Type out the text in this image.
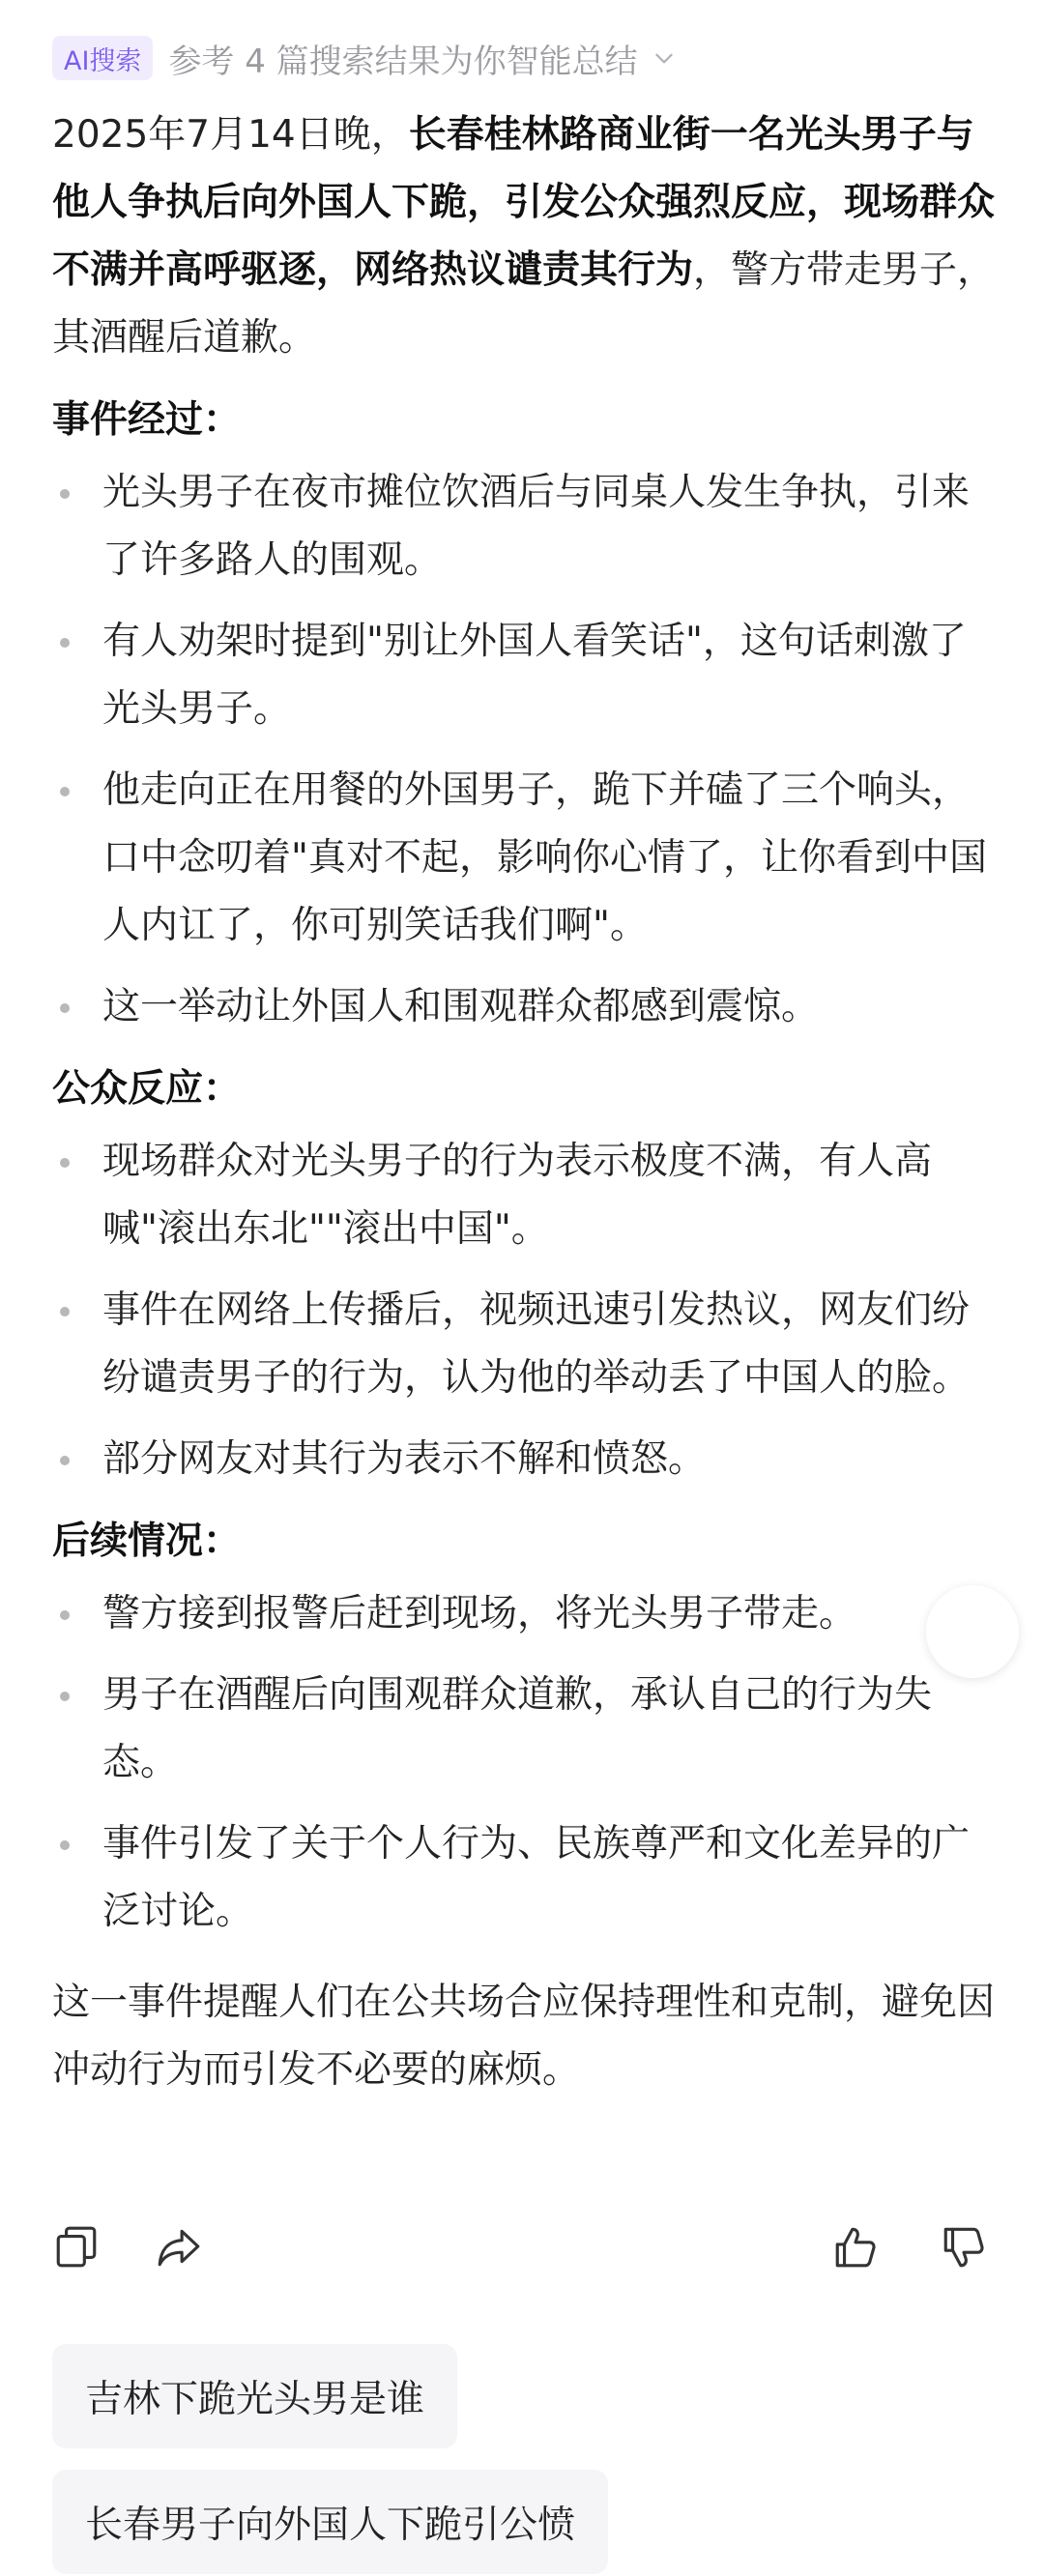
AI搜索 参考 4 篇搜索结果为你智能总结

2025年7月14日晚，长春桂林路商业街一名光头男子与他人争执后向外国人下跪，引发公众强烈反应，现场群众不满并高呼驱逐，网络热议谴责其行为，警方带走男子，其酒醒后道歉。

事件经过：
光头男子在夜市摊位饮酒后与同桌人发生争执，引来了许多路人的围观。
有人劝架时提到"别让外国人看笑话"，这句话刺激了光头男子。
他走向正在用餐的外国男子，跪下并磕了三个响头，口中念叨着"真对不起，影响你心情了，让你看到中国人内讧了，你可别笑话我们啊"。
这一举动让外国人和围观群众都感到震惊。
公众反应：
现场群众对光头男子的行为表示极度不满，有人高喊"滚出东北""滚出中国"。
事件在网络上传播后，视频迅速引发热议，网友们纷纷谴责男子的行为，认为他的举动丢了中国人的脸。
部分网友对其行为表示不解和愤怒。
后续情况：
警方接到报警后赶到现场，将光头男子带走。
男子在酒醒后向围观群众道歉，承认自己的行为失态。
事件引发了关于个人行为、民族尊严和文化差异的广泛讨论。

这一事件提醒人们在公共场合应保持理性和克制，避免因冲动行为而引发不必要的麻烦。

吉林下跪光头男是谁
长春男子向外国人下跪引公愤
